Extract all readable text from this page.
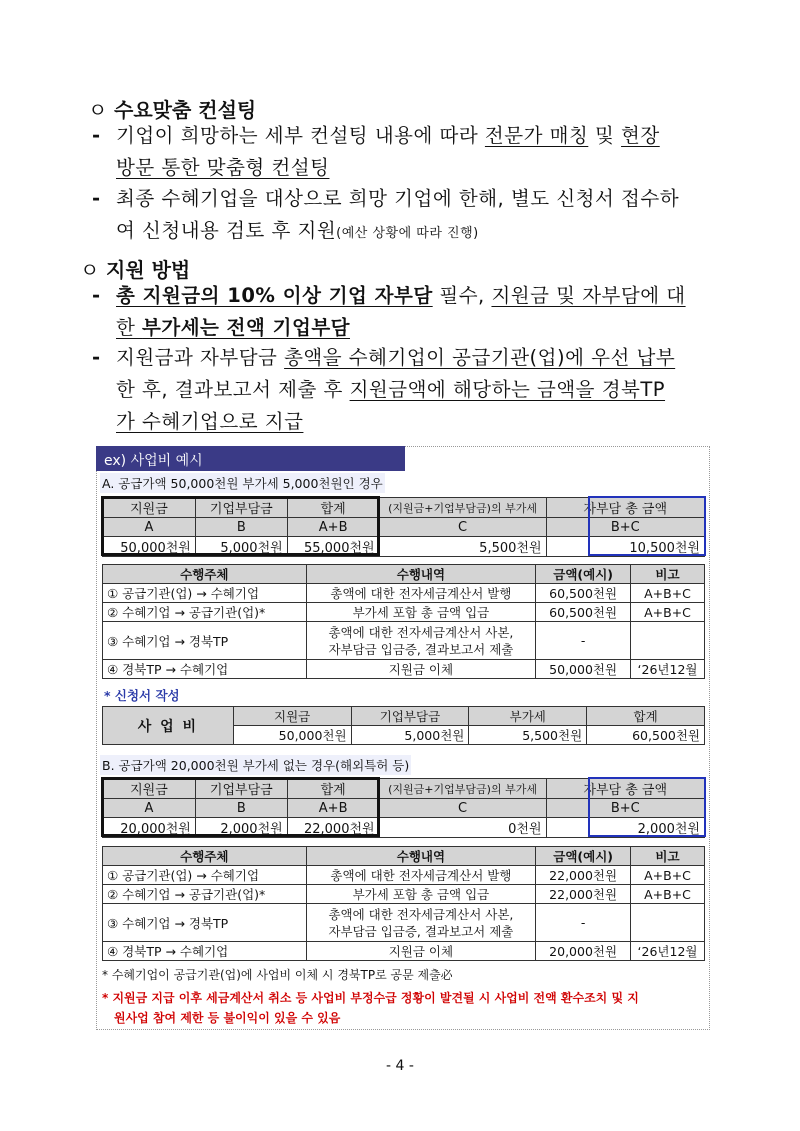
ㅇ 수요맞춤 컨설팅
- 기업이 희망하는 세부 컨설팅 내용에 따라 전문가 매칭 및 현장
방문 통한 맞춤형 컨설팅
- 최종 수혜기업을 대상으로 희망 기업에 한해, 별도 신청서 접수하
여 신청내용 검토 후 지원(예산 상황에 따라 진행)
ㅇ 지원 방법
- 총 지원금의 10% 이상 기업 자부담 필수, 지원금 및 자부담에 대
한 부가세는 전액 기업부담
- 지원금과 자부담금 총액을 수혜기업이 공급기관(업)에 우선 납부
한 후, 결과보고서 제출 후 지원금액에 해당하는 금액을 경북TP
가 수혜기업으로 지급
ex) 사업비 예시
A. 공급가액 50,000천원 부가세 5,000천원인 경우
지원금	기업부담금	합계	(지원금+기업부담금)의 부가세	자부담 총 금액
A	B	A+B	C	B+C
50,000천원	5,000천원	55,000천원	5,500천원	10,500천원
수행주체	수행내역	금액(예시)	비고
① 공급기관(업) → 수혜기업	총액에 대한 전자세금계산서 발행	60,500천원	A+B+C
② 수혜기업 → 공급기관(업)*	부가세 포함 총 금액 입금	60,500천원	A+B+C
③ 수혜기업 → 경북TP	총액에 대한 전자세금계산서 사본,
자부담금 입금증, 결과보고서 제출	-	
④ 경북TP → 수혜기업	지원금 이체	50,000천원	‘26년12월
* 신청서 작성
사 업 비	지원금	기업부담금	부가세	합계
	50,000천원	5,000천원	5,500천원	60,500천원
B. 공급가액 20,000천원 부가세 없는 경우(해외특허 등)
지원금	기업부담금	합계	(지원금+기업부담금)의 부가세	자부담 총 금액
A	B	A+B	C	B+C
20,000천원	2,000천원	22,000천원	0천원	2,000천원
수행주체	수행내역	금액(예시)	비고
① 공급기관(업) → 수혜기업	총액에 대한 전자세금계산서 발행	22,000천원	A+B+C
② 수혜기업 → 공급기관(업)*	부가세 포함 총 금액 입금	22,000천원	A+B+C
③ 수혜기업 → 경북TP	총액에 대한 전자세금계산서 사본,
자부담금 입금증, 결과보고서 제출	-	
④ 경북TP → 수혜기업	지원금 이체	20,000천원	‘26년12월
* 수혜기업이 공급기관(업)에 사업비 이체 시 경북TP로 공문 제출必
* 지원금 지급 이후 세금계산서 취소 등 사업비 부정수급 정황이 발견될 시 사업비 전액 환수조치 및 지
원사업 참여 제한 등 불이익이 있을 수 있음
- 4 -
